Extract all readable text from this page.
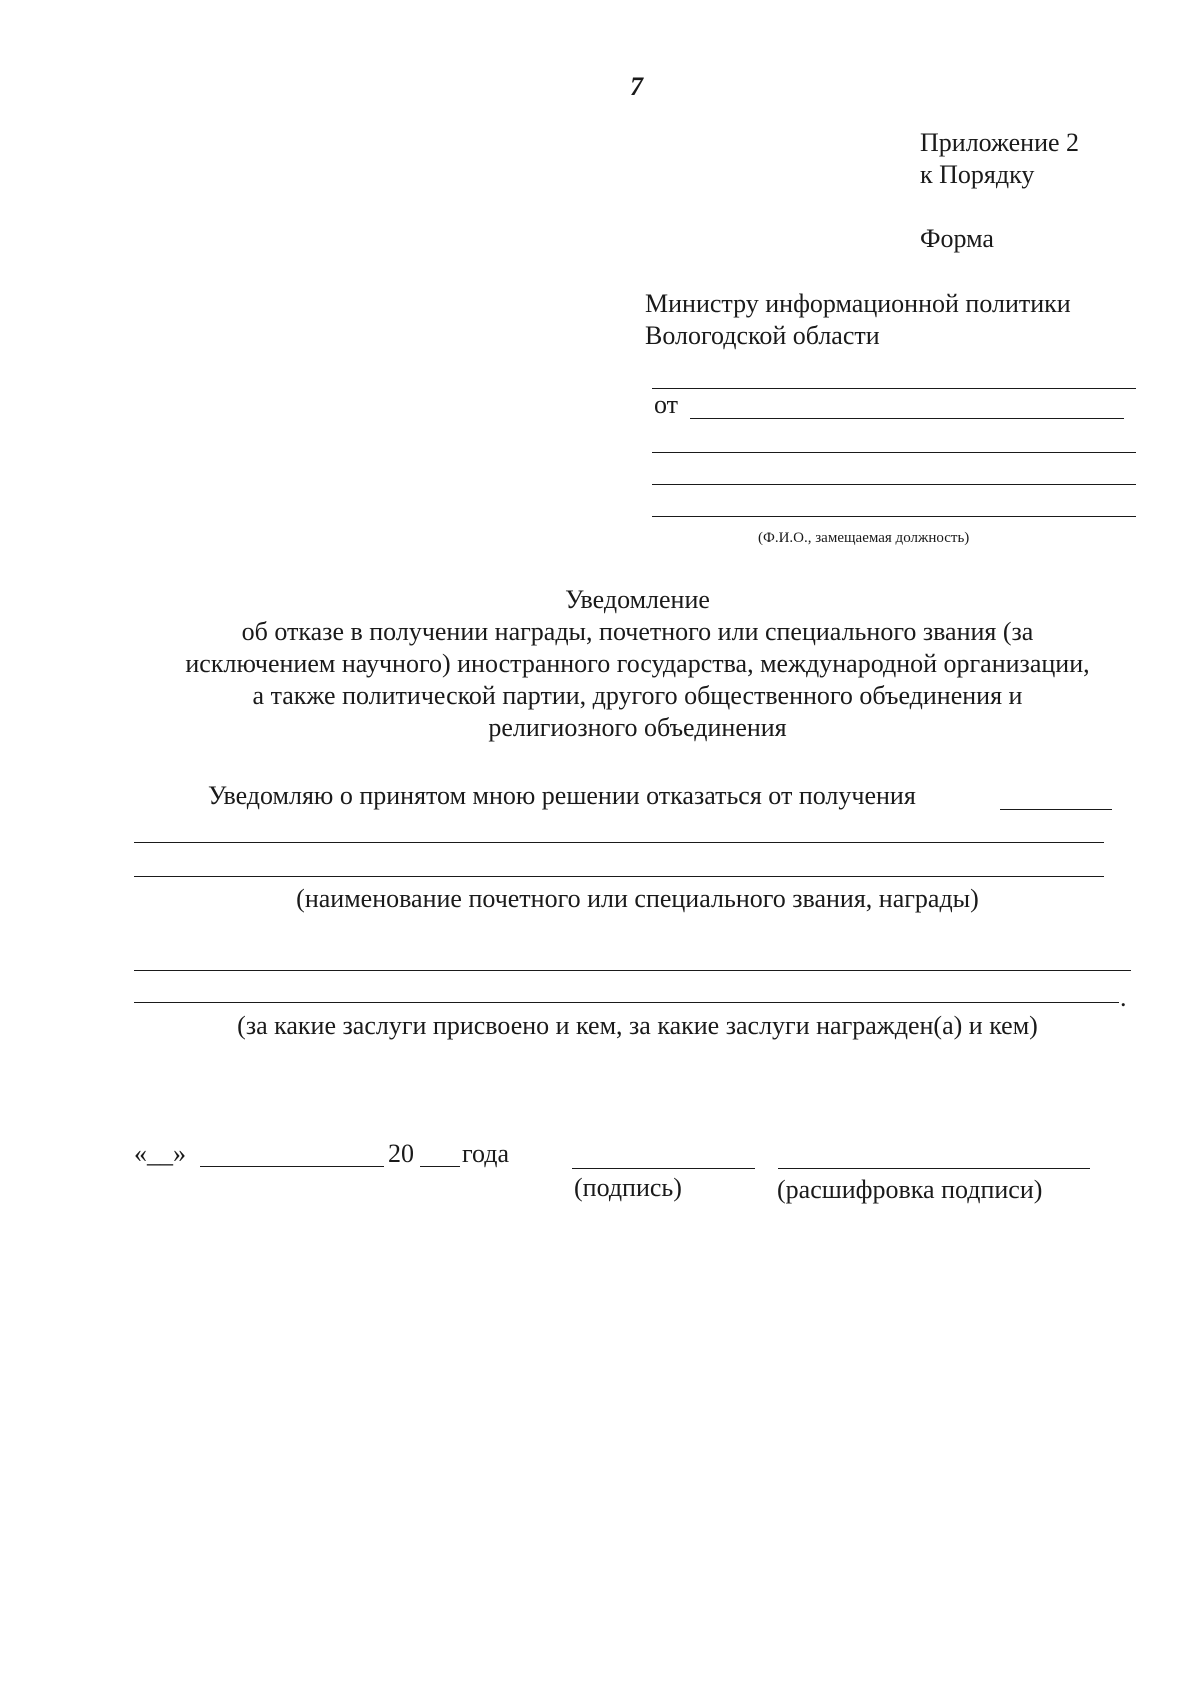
7
Приложение 2
к Порядку
Форма
Министру информационной политики
Вологодской области
от
(Ф.И.О., замещаемая должность)
Уведомление
об отказе в получении награды, почетного или специального звания (за
исключением научного) иностранного государства, международной организации,
а также политической партии, другого общественного объединения и
религиозного объединения
Уведомляю о принятом мною решении отказаться от получения
(наименование почетного или специального звания, награды)
.
(за какие заслуги присвоено и кем, за какие заслуги награжден(а) и кем)
«__»	20 года
(подпись)	(расшифровка подписи)
